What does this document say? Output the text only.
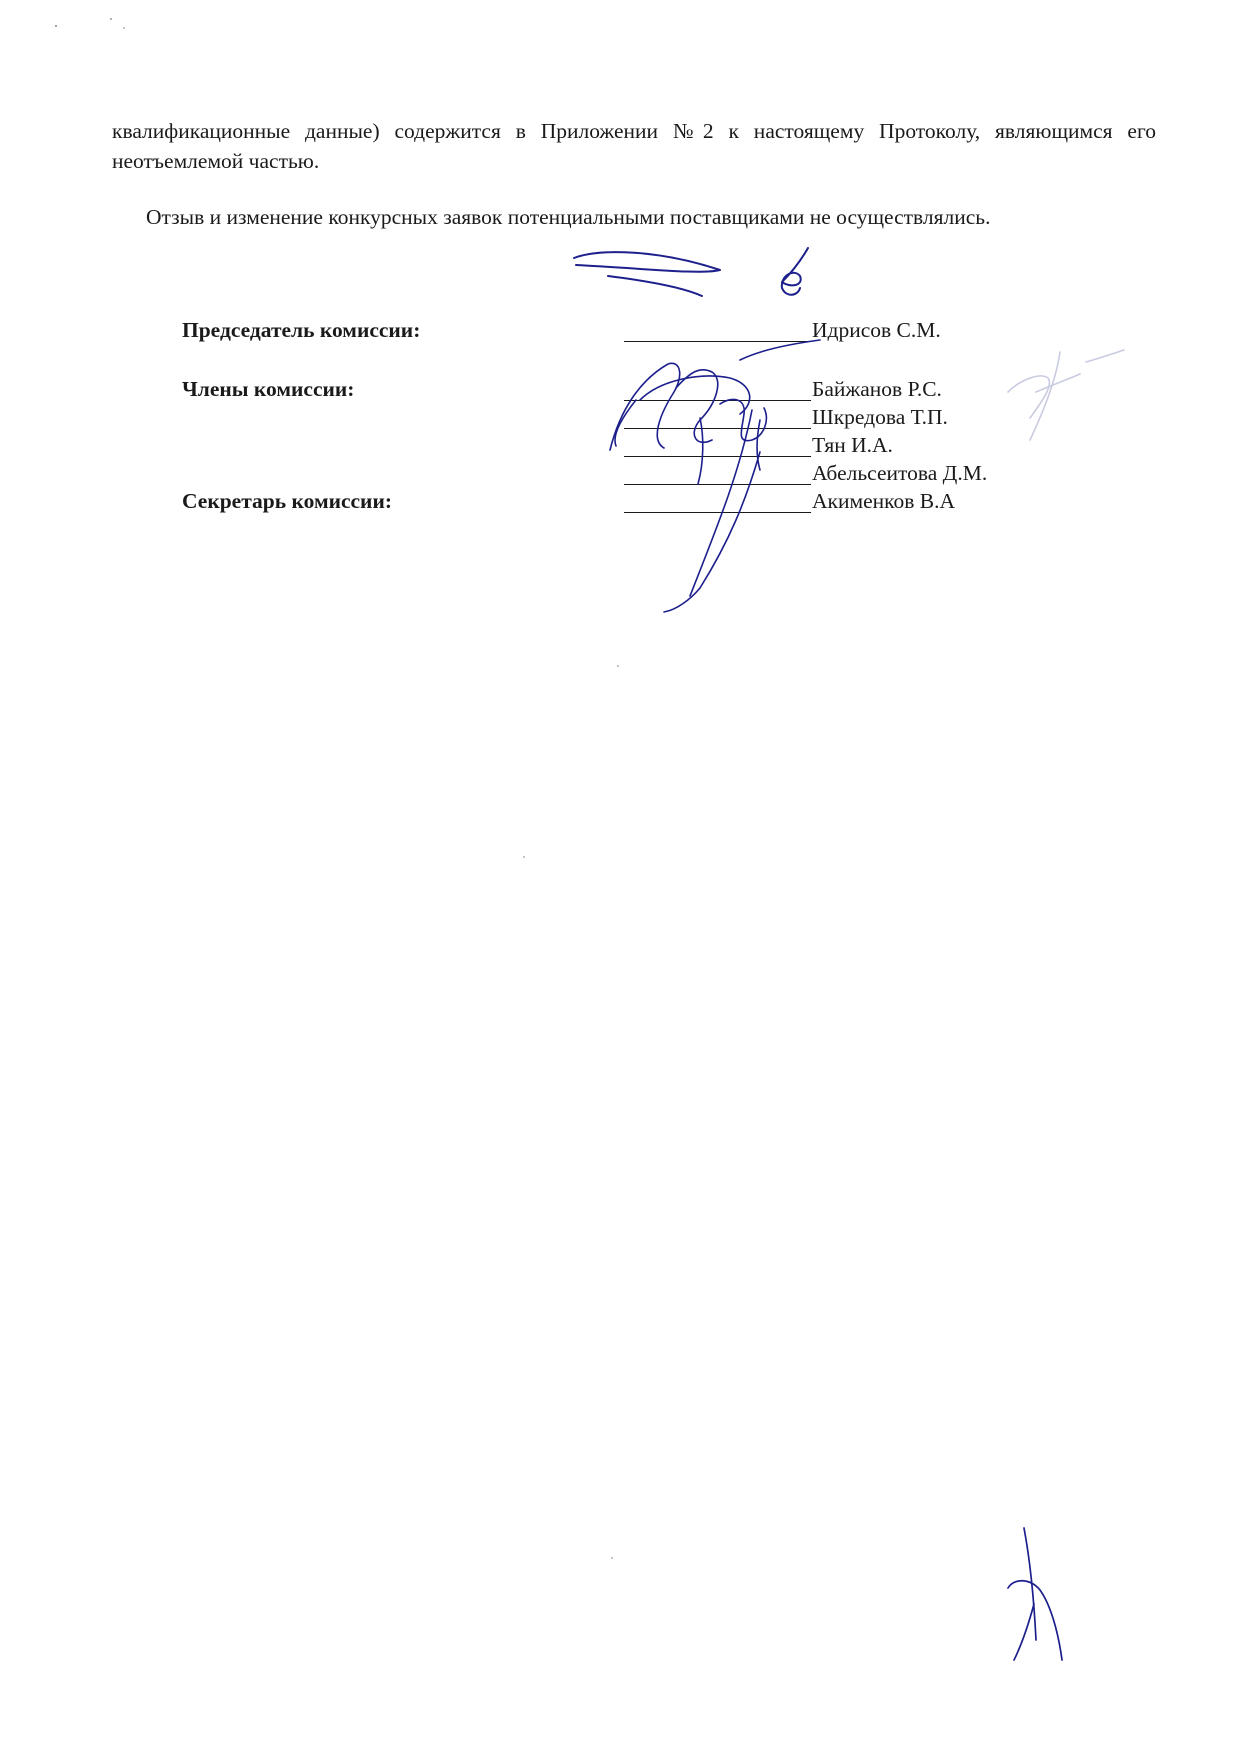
квалификационные данные) содержится в Приложении №2 к настоящему Протоколу, являющимся его неотъемлемой частью.

Отзыв и изменение конкурсных заявок потенциальными поставщиками не осуществлялись.

Председатель комиссии:	Идрисов С.М.
Члены комиссии:	Байжанов Р.С.
Шкредова Т.П.
Тян И.А.
Абельсеитова Д.М.
Секретарь комиссии:	Акименков В.А
